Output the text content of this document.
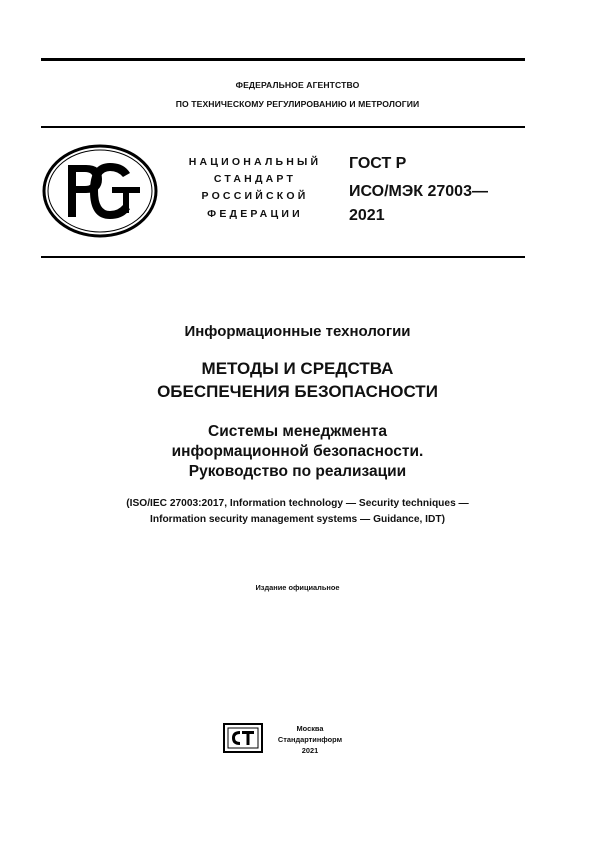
ФЕДЕРАЛЬНОЕ АГЕНТСТВО
ПО ТЕХНИЧЕСКОМУ РЕГУЛИРОВАНИЮ И МЕТРОЛОГИИ
НАЦИОНАЛЬНЫЙ
СТАНДАРТ
РОССИЙСКОЙ
ФЕДЕРАЦИИ
ГОСТ Р
ИСО/МЭК 27003—
2021
Информационные технологии
МЕТОДЫ И СРЕДСТВА
ОБЕСПЕЧЕНИЯ БЕЗОПАСНОСТИ
Системы менеджмента
информационной безопасности.
Руководство по реализации
(ISO/IEC 27003:2017, Information technology — Security techniques —
Information security management systems — Guidance, IDT)
Издание официальное
Москва
Стандартинформ
2021
